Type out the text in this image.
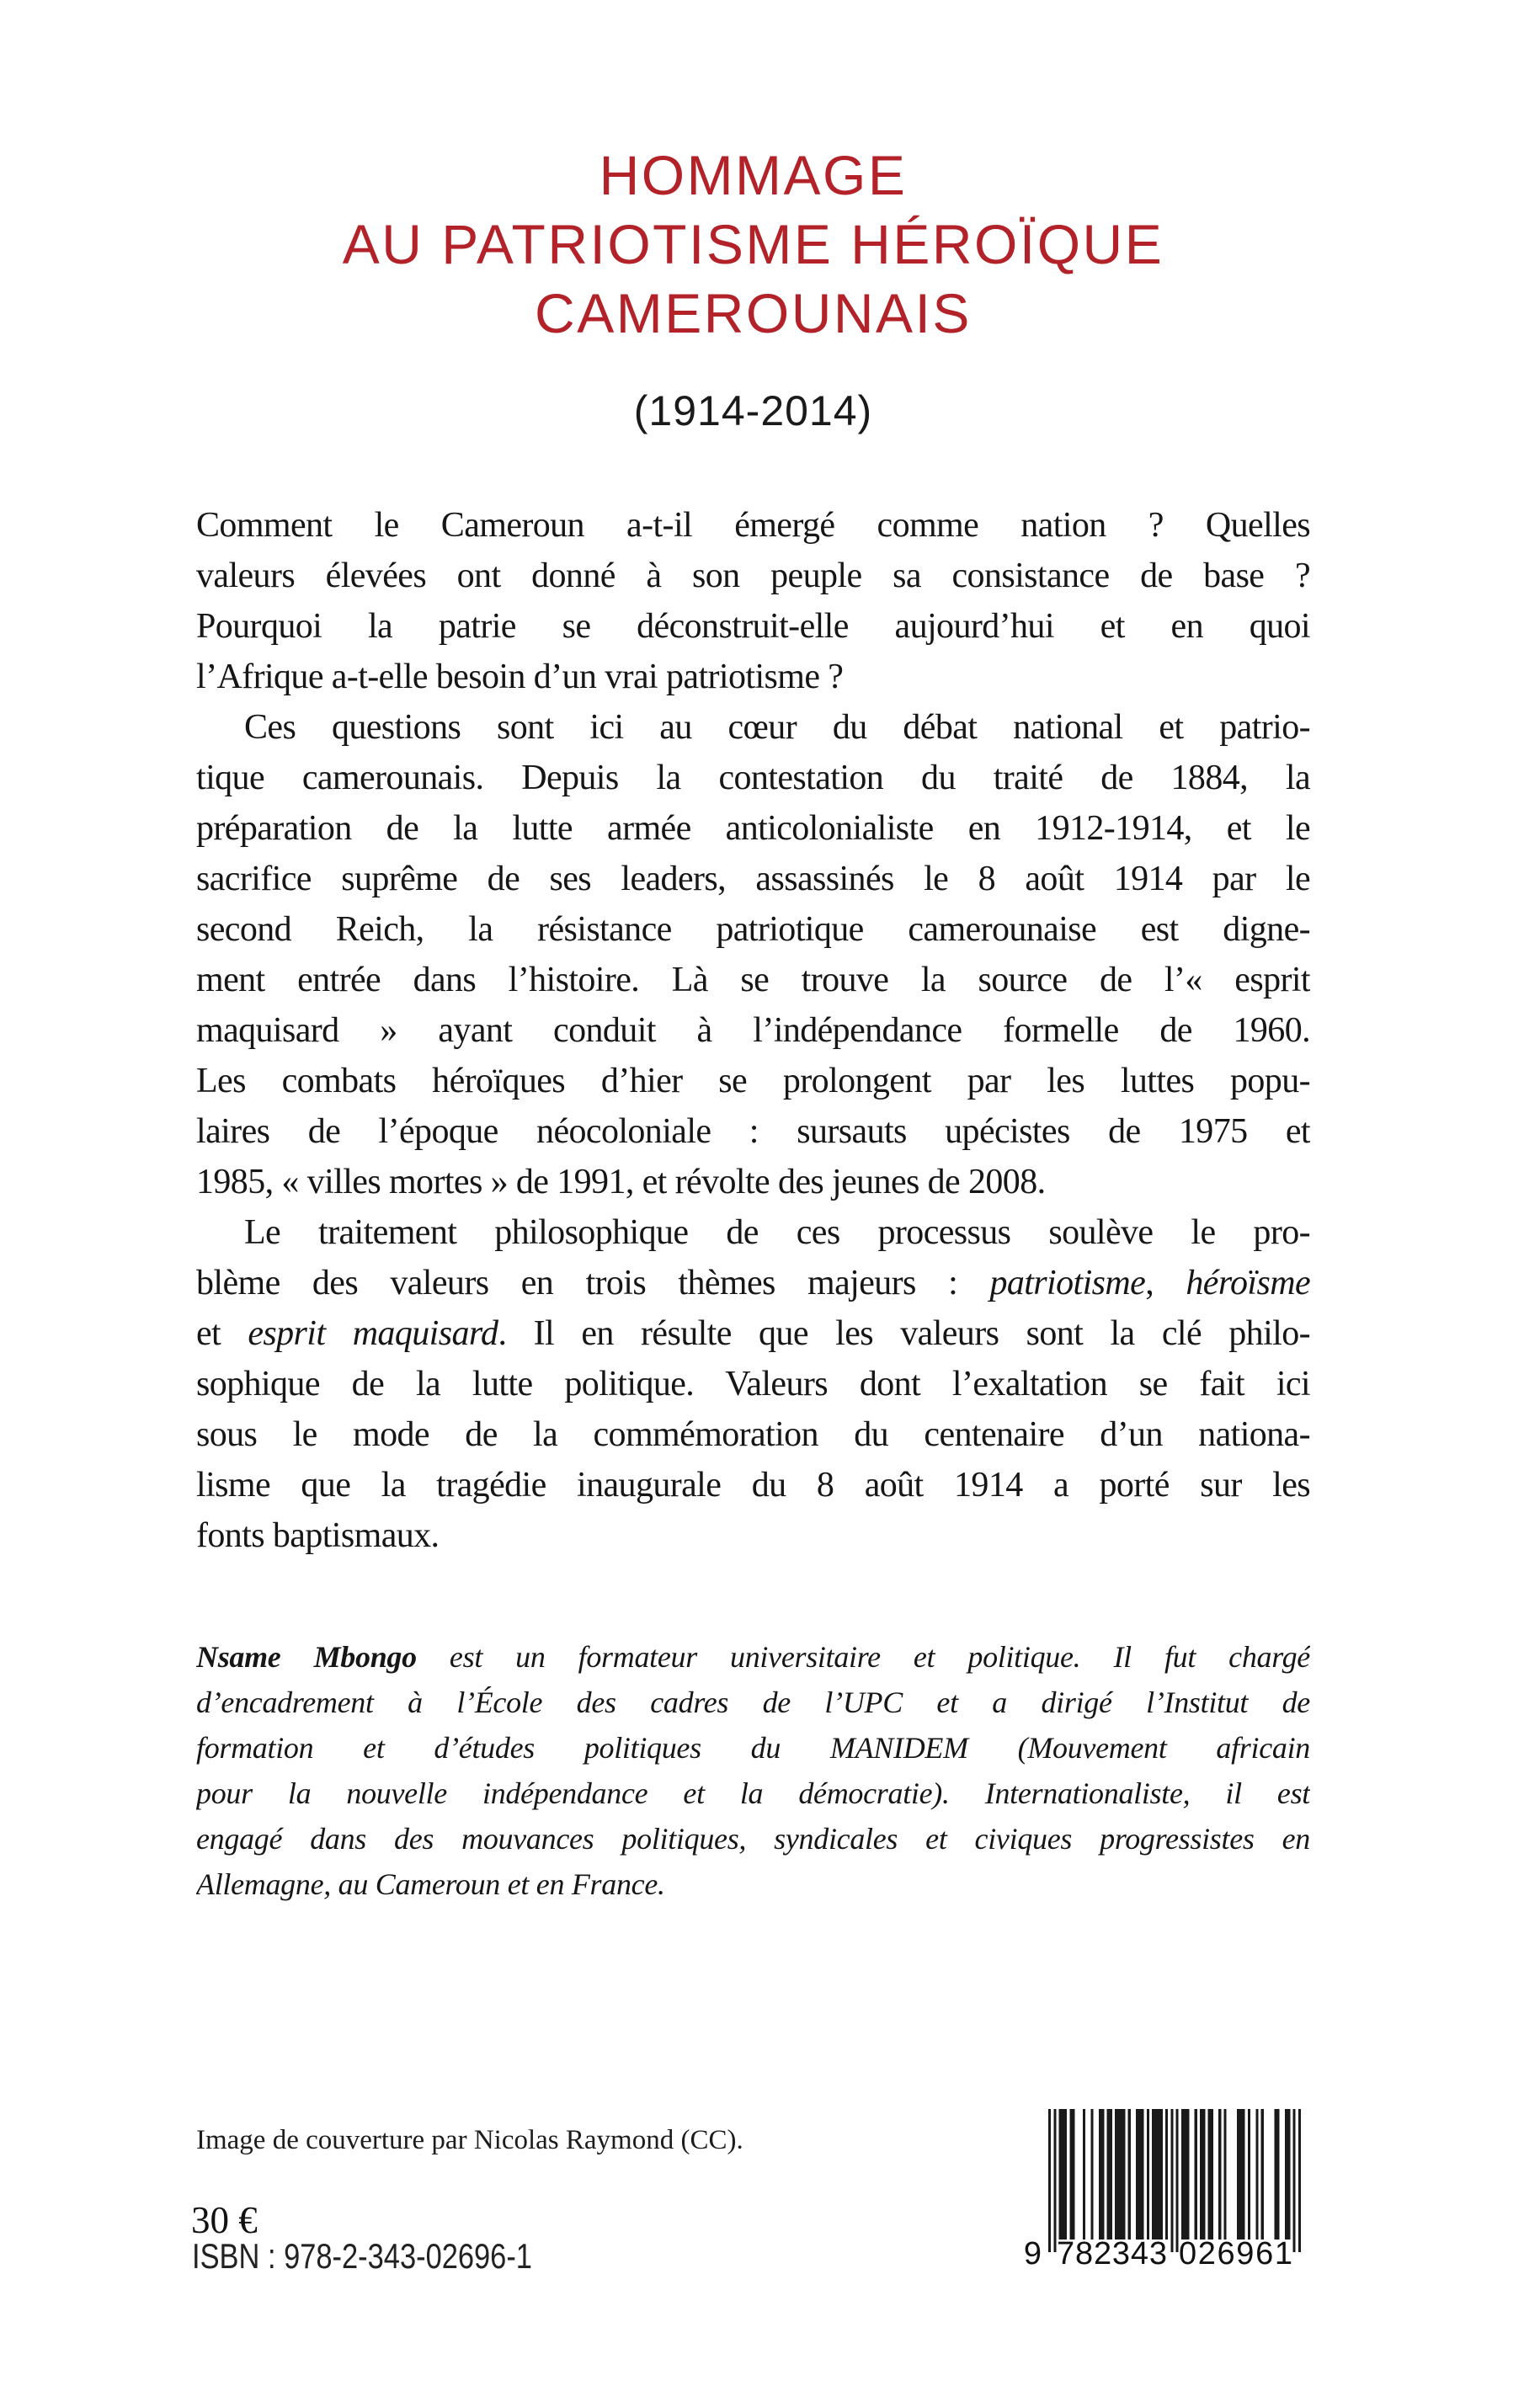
HOMMAGE
AU PATRIOTISME HÉROÏQUE
CAMEROUNAIS
(1914-2014)
Comment le Cameroun a-t-il émergé comme nation ? Quelles
valeurs élevées ont donné à son peuple sa consistance de base ?
Pourquoi la patrie se déconstruit-elle aujourd’hui et en quoi
l’Afrique a-t-elle besoin d’un vrai patriotisme ?
Ces questions sont ici au cœur du débat national et patrio-
tique camerounais. Depuis la contestation du traité de 1884, la
préparation de la lutte armée anticolonialiste en 1912-1914, et le
sacrifice suprême de ses leaders, assassinés le 8 août 1914 par le
second Reich, la résistance patriotique camerounaise est digne-
ment entrée dans l’histoire. Là se trouve la source de l’« esprit
maquisard » ayant conduit à l’indépendance formelle de 1960.
Les combats héroïques d’hier se prolongent par les luttes popu-
laires de l’époque néocoloniale : sursauts upécistes de 1975 et
1985, « villes mortes » de 1991, et révolte des jeunes de 2008.
Le traitement philosophique de ces processus soulève le pro-
blème des valeurs en trois thèmes majeurs : patriotisme, héroïsme
et esprit maquisard. Il en résulte que les valeurs sont la clé philo-
sophique de la lutte politique. Valeurs dont l’exaltation se fait ici
sous le mode de la commémoration du centenaire d’un nationa-
lisme que la tragédie inaugurale du 8 août 1914 a porté sur les
fonts baptismaux.
Nsame Mbongo est un formateur universitaire et politique. Il fut chargé
d’encadrement à l’École des cadres de l’UPC et a dirigé l’Institut de
formation et d’études politiques du MANIDEM (Mouvement africain
pour la nouvelle indépendance et la démocratie). Internationaliste, il est
engagé dans des mouvances politiques, syndicales et civiques progressistes en
Allemagne, au Cameroun et en France.
Image de couverture par Nicolas Raymond (CC).
30 €
ISBN : 978-2-343-02696-1	9 7 8 2 3 4 3 0 2 6 9 6 1
